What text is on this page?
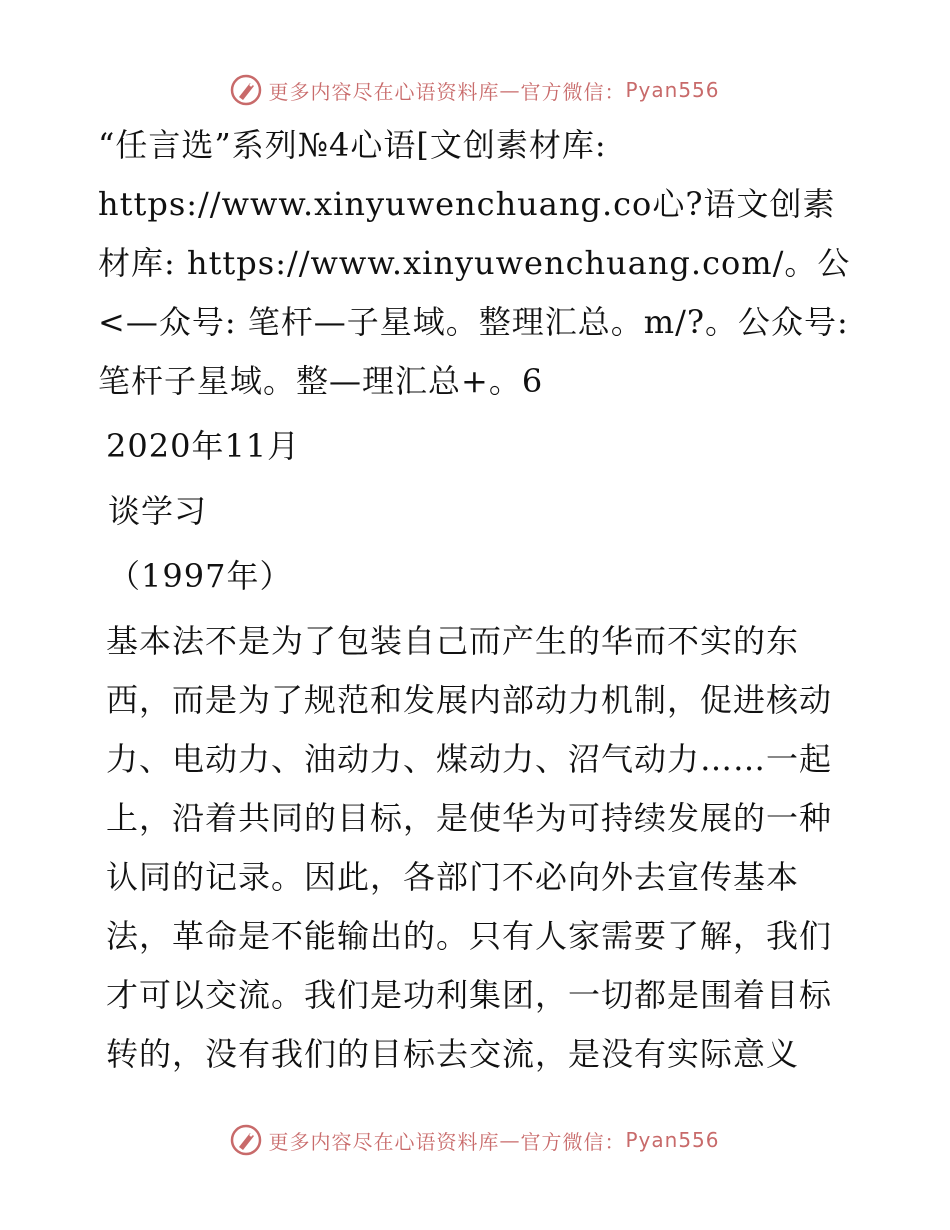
更多内容尽在心语资料库 — 官方微信： Pyan556

“任言选”系列№4心语[文创素材库: https://www.xinyuwenchuang.co心?语文创素材库: https://www.xinyuwenchuang.com/。公<—众号: 笔杆—子星域。整理汇总。m/?。公众号: 笔杆子星域。整—理汇总+。6

2020年11月

谈学习

（1997年）

基本法不是为了包装自己而产生的华而不实的东西，而是为了规范和发展内部动力机制，促进核动力、电动力、油动力、煤动力、沼气动力……一起上，沿着共同的目标，是使华为可持续发展的一种认同的记录。因此，各部门不必向外去宣传基本法，革命是不能输出的。只有人家需要了解，我们才可以交流。我们是功利集团，一切都是围着目标转的，没有我们的目标去交流，是没有实际意义

更多内容尽在心语资料库 — 官方微信： Pyan556
